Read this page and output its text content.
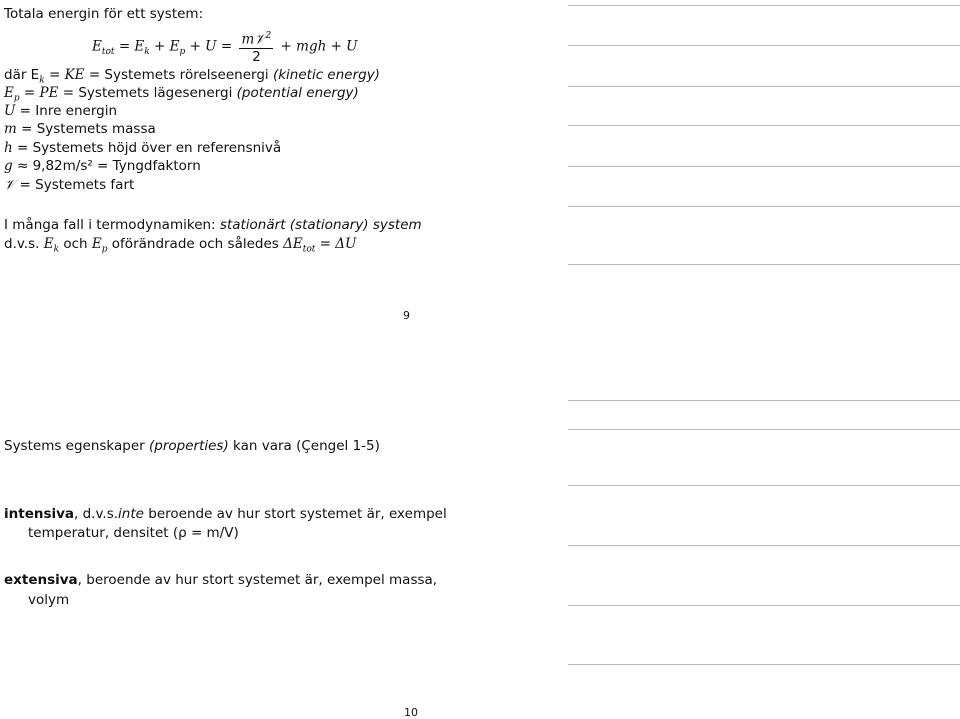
Totala energin för ett system:
$E_{tot} = E_k + E_p + U = \frac{m𝒱^2}{2}$ + mgh + U
där $E_k$ = KE = Systemets rörelseenergi (kinetic energy)
$E_p$ = PE = Systemets lägesenergi (potential energy)
U = Inre energin
m = Systemets massa
h = Systemets höjd över en referensnivå
g ≈ 9,82m/s² = Tyngdfaktorn
𝒱 = Systemets fart
I många fall i termodynamiken: stationärt (stationary) system
d.v.s. $E_k$ och $E_p$ oförändrade och således $\Delta E_{tot} = \Delta U$
9
Systems egenskaper (properties) kan vara (Çengel 1-5)
intensiva, d.v.s.inte beroende av hur stort systemet är, exempel
temperatur, densitet (ρ = m/V)
extensiva, beroende av hur stort systemet är, exempel massa,
volym
10
